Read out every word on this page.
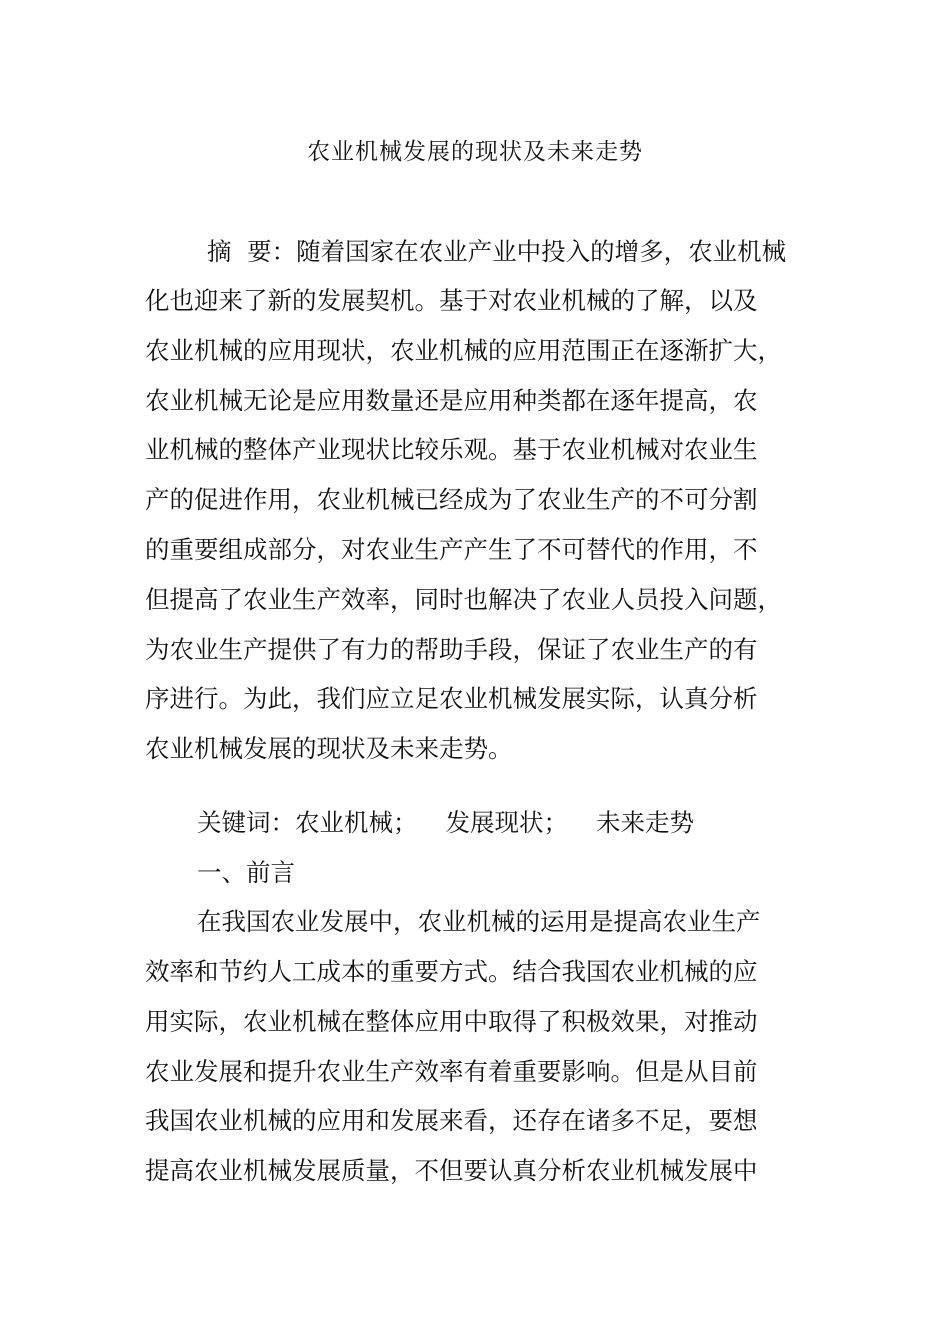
农业机械发展的现状及未来走势

摘  要：随着国家在农业产业中投入的增多，农业机械

化也迎来了新的发展契机。基于对农业机械的了解，以及

农业机械的应用现状，农业机械的应用范围正在逐渐扩大，

农业机械无论是应用数量还是应用种类都在逐年提高，农

业机械的整体产业现状比较乐观。基于农业机械对农业生

产的促进作用，农业机械已经成为了农业生产的不可分割

的重要组成部分，对农业生产产生了不可替代的作用，不

但提高了农业生产效率，同时也解决了农业人员投入问题，

为农业生产提供了有力的帮助手段，保证了农业生产的有

序进行。为此，我们应立足农业机械发展实际，认真分析

农业机械发展的现状及未来走势。

关键词：农业机械； 发展现状； 未来走势

一、前言

在我国农业发展中，农业机械的运用是提高农业生产

效率和节约人工成本的重要方式。结合我国农业机械的应

用实际，农业机械在整体应用中取得了积极效果，对推动

农业发展和提升农业生产效率有着重要影响。但是从目前

我国农业机械的应用和发展来看，还存在诸多不足，要想

提高农业机械发展质量，不但要认真分析农业机械发展中
